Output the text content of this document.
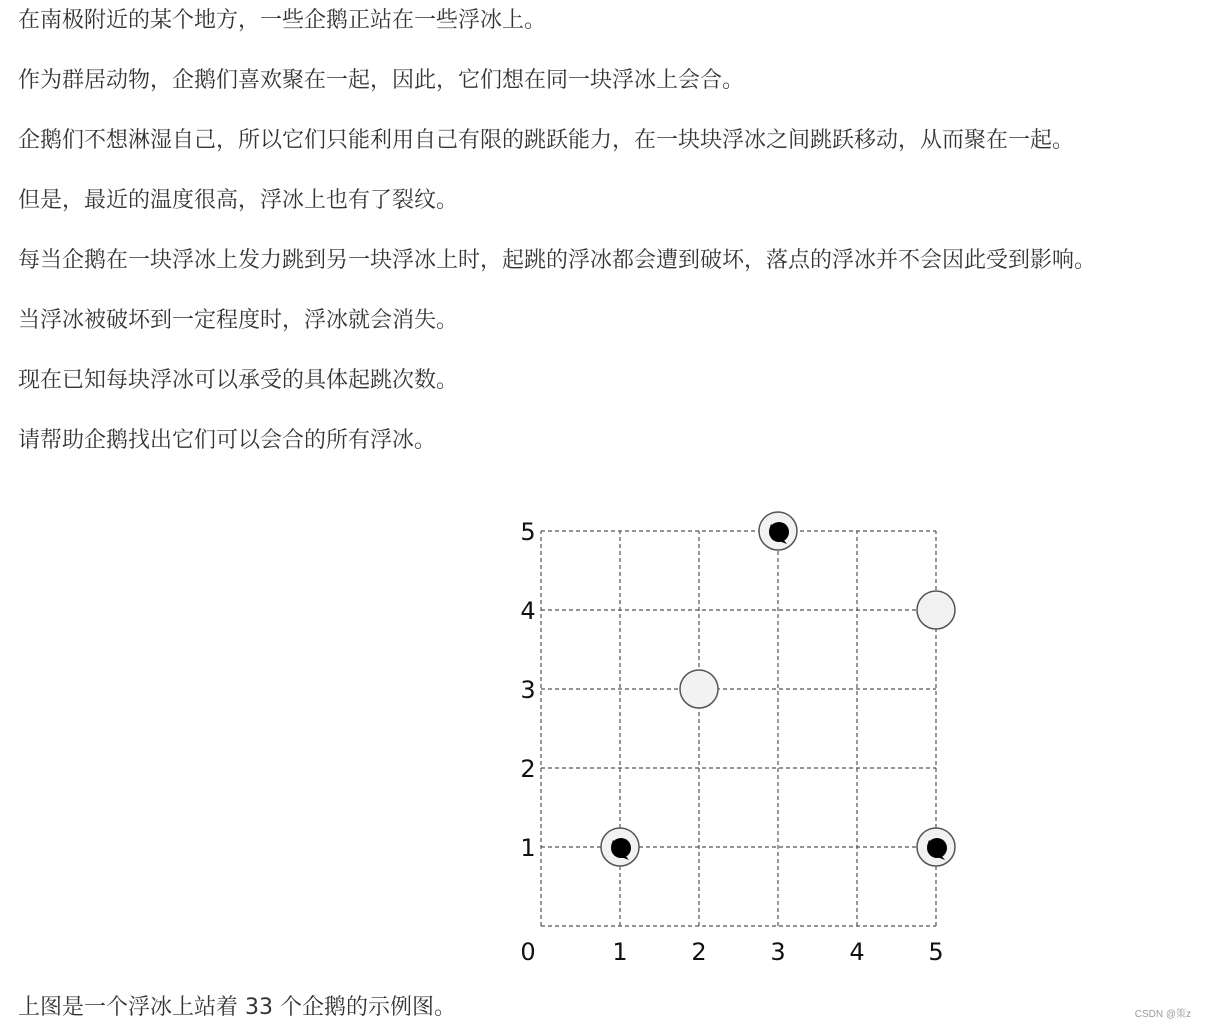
在南极附近的某个地方，一些企鹅正站在一些浮冰上。

作为群居动物，企鹅们喜欢聚在一起，因此，它们想在同一块浮冰上会合。

企鹅们不想淋湿自己，所以它们只能利用自己有限的跳跃能力，在一块块浮冰之间跳跃移动，从而聚在一起。

但是，最近的温度很高，浮冰上也有了裂纹。

每当企鹅在一块浮冰上发力跳到另一块浮冰上时，起跳的浮冰都会遭到破坏，落点的浮冰并不会因此受到影响。

当浮冰被破坏到一定程度时，浮冰就会消失。

现在已知每块浮冰可以承受的具体起跳次数。

请帮助企鹅找出它们可以会合的所有浮冰。

0	1	2	3	4	5
1
2
3
4
5

上图是一个浮冰上站着 33 个企鹅的示例图。	CSDN @策z
